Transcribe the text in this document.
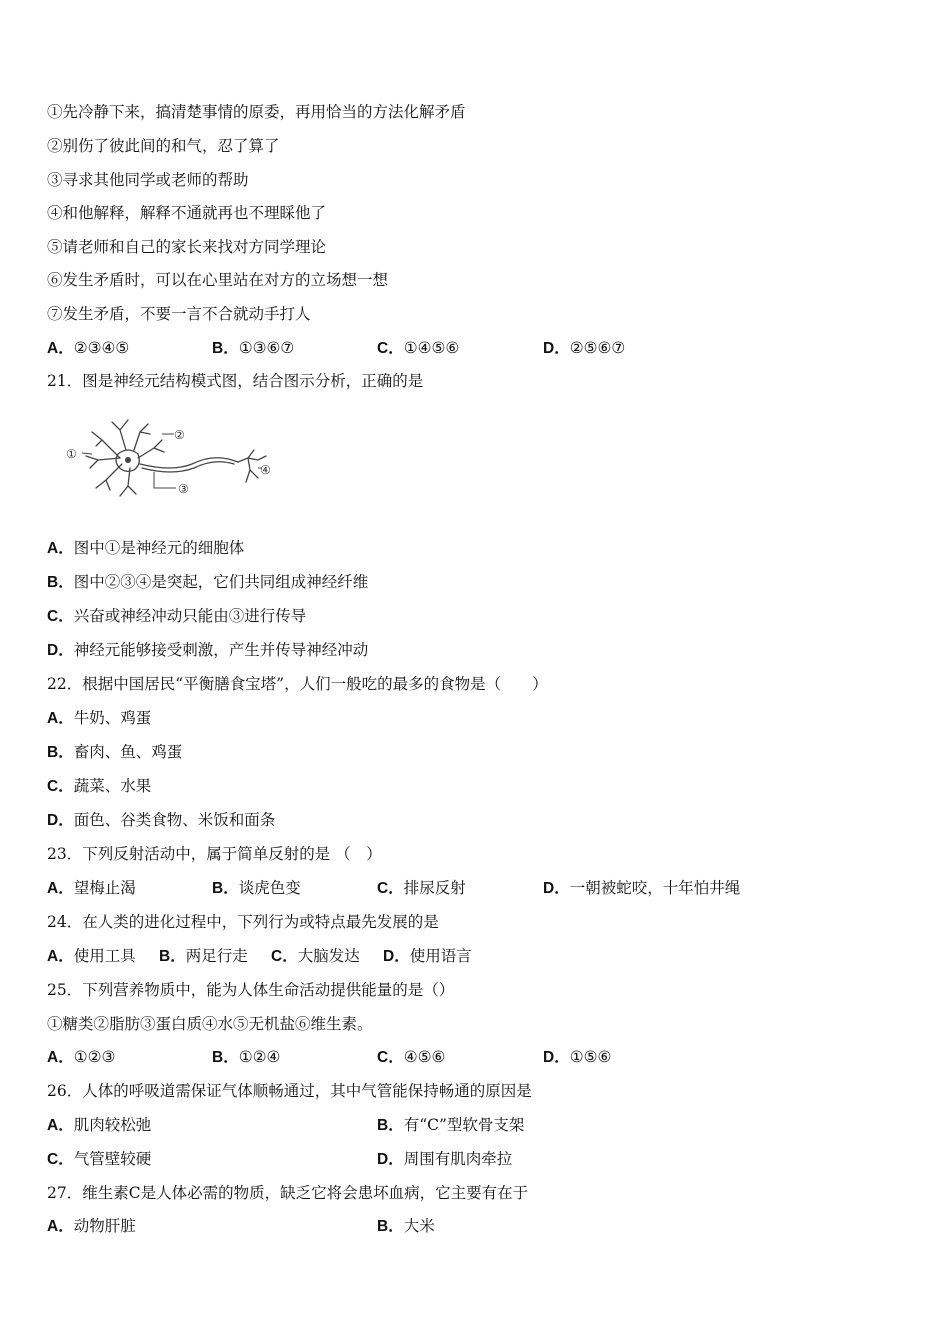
①先冷静下来，搞清楚事情的原委，再用恰当的方法化解矛盾
②别伤了彼此间的和气，忍了算了
③寻求其他同学或老师的帮助
④和他解释，解释不通就再也不理睬他了
⑤请老师和自己的家长来找对方同学理论
⑥发生矛盾时，可以在心里站在对方的立场想一想
⑦发生矛盾，不要一言不合就动手打人
A．②③④⑤	B．①③⑥⑦	C．①④⑤⑥	D．②⑤⑥⑦
21．图是神经元结构模式图，结合图示分析，正确的是
①
②
③
④
A．图中①是神经元的细胞体
B．图中②③④是突起，它们共同组成神经纤维
C．兴奋或神经冲动只能由③进行传导
D．神经元能够接受刺激，产生并传导神经冲动
22．根据中国居民“平衡膳食宝塔”，人们一般吃的最多的食物是（　　）
A．牛奶、鸡蛋
B．畜肉、鱼、鸡蛋
C．蔬菜、水果
D．面色、谷类食物、米饭和面条
23．下列反射活动中，属于简单反射的是 （　）
A．望梅止渴	B．谈虎色变	C．排尿反射	D．一朝被蛇咬，十年怕井绳
24．在人类的进化过程中，下列行为或特点最先发展的是
A．使用工具 B．两足行走 C．大脑发达 D．使用语言
25．下列营养物质中，能为人体生命活动提供能量的是（）
①糖类②脂肪③蛋白质④水⑤无机盐⑥维生素。
A．①②③	B．①②④	C．④⑤⑥	D．①⑤⑥
26．人体的呼吸道需保证气体顺畅通过，其中气管能保持畅通的原因是
A．肌肉较松弛	B．有“C”型软骨支架
C．气管壁较硬	D．周围有肌肉牵拉
27．维生素C是人体必需的物质，缺乏它将会患坏血病，它主要有在于
A．动物肝脏	B．大米
